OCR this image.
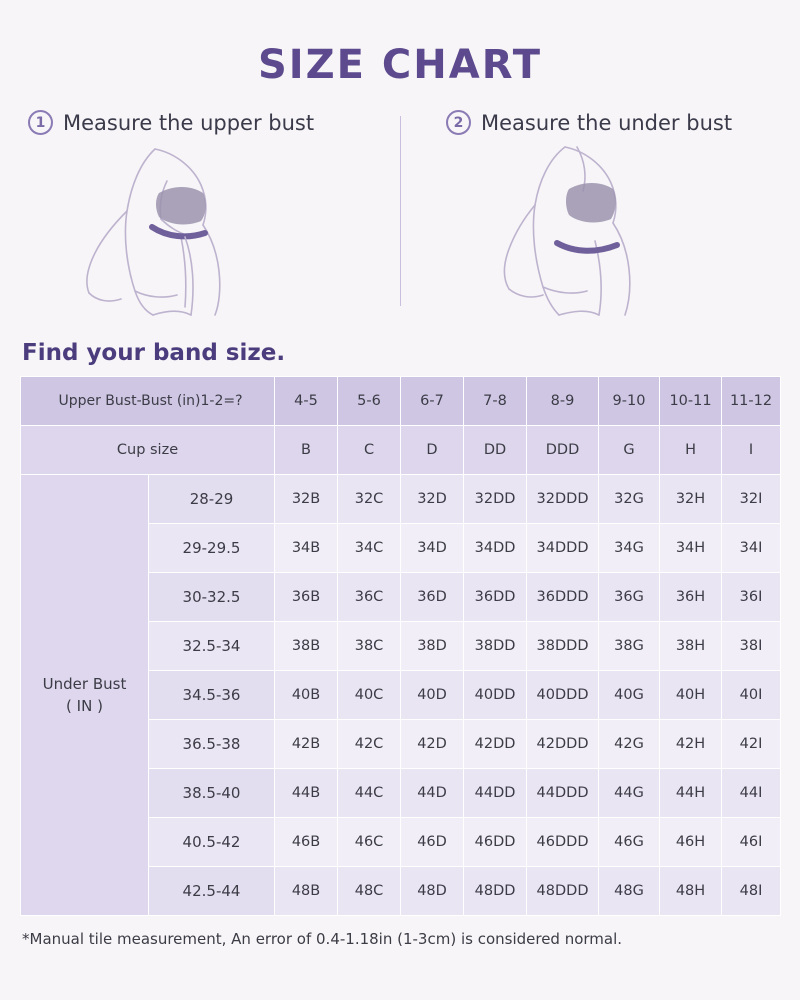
SIZE CHART
1 Measure the upper bust	2 Measure the under bust
Find your band size.
Upper Bust-Bust (in)1-2=?		4-5	5-6	6-7	7-8	8-9	9-10	10-11	11-12
Cup size		B	C	D	DD	DDD	G	H	I

Under Bust
( IN )	28-29	32B	32C	32D	32DD	32DDD	32G	32H	32I
	29-29.5	34B	34C	34D	34DD	34DDD	34G	34H	34I
	30-32.5	36B	36C	36D	36DD	36DDD	36G	36H	36I
	32.5-34	38B	38C	38D	38DD	38DDD	38G	38H	38I
	34.5-36	40B	40C	40D	40DD	40DDD	40G	40H	40I
	36.5-38	42B	42C	42D	42DD	42DDD	42G	42H	42I
	38.5-40	44B	44C	44D	44DD	44DDD	44G	44H	44I
	40.5-42	46B	46C	46D	46DD	46DDD	46G	46H	46I
	42.5-44	48B	48C	48D	48DD	48DDD	48G	48H	48I
*Manual tile measurement, An error of 0.4-1.18in (1-3cm) is considered normal.
